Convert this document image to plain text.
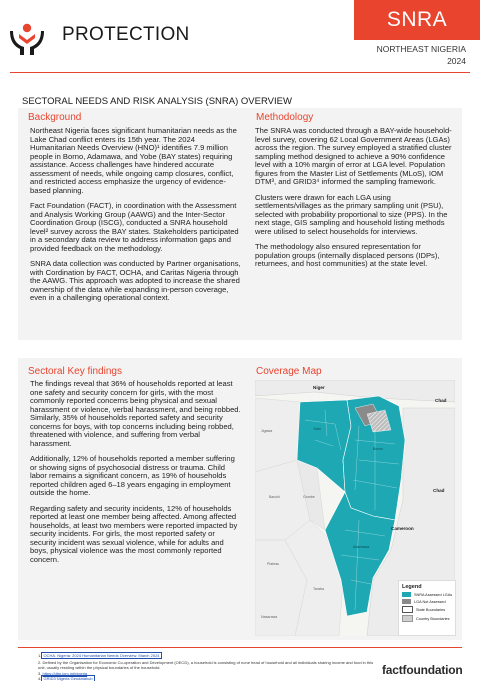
PROTECTION
SNRA
NORTHEAST NIGERIA
2024
SECTORAL NEEDS AND RISK ANALYSIS (SNRA) OVERVIEW
Background

Northeast Nigeria faces significant humanitarian needs as the Lake Chad conflict enters its 15th year. The 2024 Humanitarian Needs Overview (HNO)¹ identifies 7.9 million people in Borno, Adamawa, and Yobe (BAY states) requiring assistance. Access challenges have hindered accurate assessment of needs, while ongoing camp closures, conflict, and restricted access emphasize the urgency of evidence-based planning.

Fact Foundation (FACT), in coordination with the Assessment and Analysis Working Group (AAWG) and the Inter-Sector Coordination Group (ISCG), conducted a SNRA household level² survey across the BAY states. Stakeholders participated in a secondary data review to address information gaps and provided feedback on the methodology.

SNRA data collection was conducted by Partner organisations, with Cordination by FACT, OCHA, and Caritas Nigeria through the AAWG. This approach was adopted to increase the shared ownership of the data while expanding in-person coverage, even in a challenging operational context.

Methodology

The SNRA was conducted through a BAY-wide household-level survey, covering 62 Local Government Areas (LGAs) across the region. The survey employed a stratified cluster sampling method designed to achieve a 90% confidence level with a 10% margin of error at LGA level. Population figures from the Master List of Settlements (MLoS), IOM DTM³, and GRID3⁴ informed the sampling framework.

Clusters were drawn for each LGA using settlements/villages as the primary sampling unit (PSU), selected with probability proportional to size (PPS). In the next stage, GIS sampling and household listing methods were utilised to select households for interviews.

The methodology also ensured representation for population groups (internally displaced persons (IDPs), returnees, and host communities) at the state level.

Sectoral Key findings

The findings reveal that 36% of households reported at least one safety and security concern for girls, with the most commonly reported concerns being physical and sexual harassment or violence, verbal harassment, and being robbed. Similarly, 35% of households reported safety and security concerns for boys, with top concerns including being robbed, threatened with violence, and suffering from verbal harassment.

Additionally, 12% of households reported a member suffering or showing signs of psychosocial distress or trauma. Child labor remains a significant concern, as 19% of households reported children aged 6–18 years engaging in employment outside the home.

Regarding safety and security incidents, 12% of households reported at least one member being affected. Among affected households, at least two members were reported impacted by security incidents. For girls, the most reported safety or security incident was sexual violence, while for adults and boys, physical violence was the most commonly reported concern.

Coverage Map
Niger
Chad
Chad
Cameroon
Jigawa
Bauchi	Gombe
Plateau
Taraba
Nasarawa
Yobe
Borno
Adamawa
Legend
SNRA Assessed LGAs
LGA Not Assessed
State Boundaries
Country Boundaries
1. OCHA. Nigeria: 2024 Humanitarian Needs Overview. March 2024
2. Defined by the Organisation for Economic Co-operation and Development (OECD), a household is consisting of none head of household and all individuals sharing income and food in this unit, usually residing within the physical boundaries of the household.
3. https://dtm.iom.int/nigeria
4. GRID3 Nigeria Geodatahub
factfoundation
